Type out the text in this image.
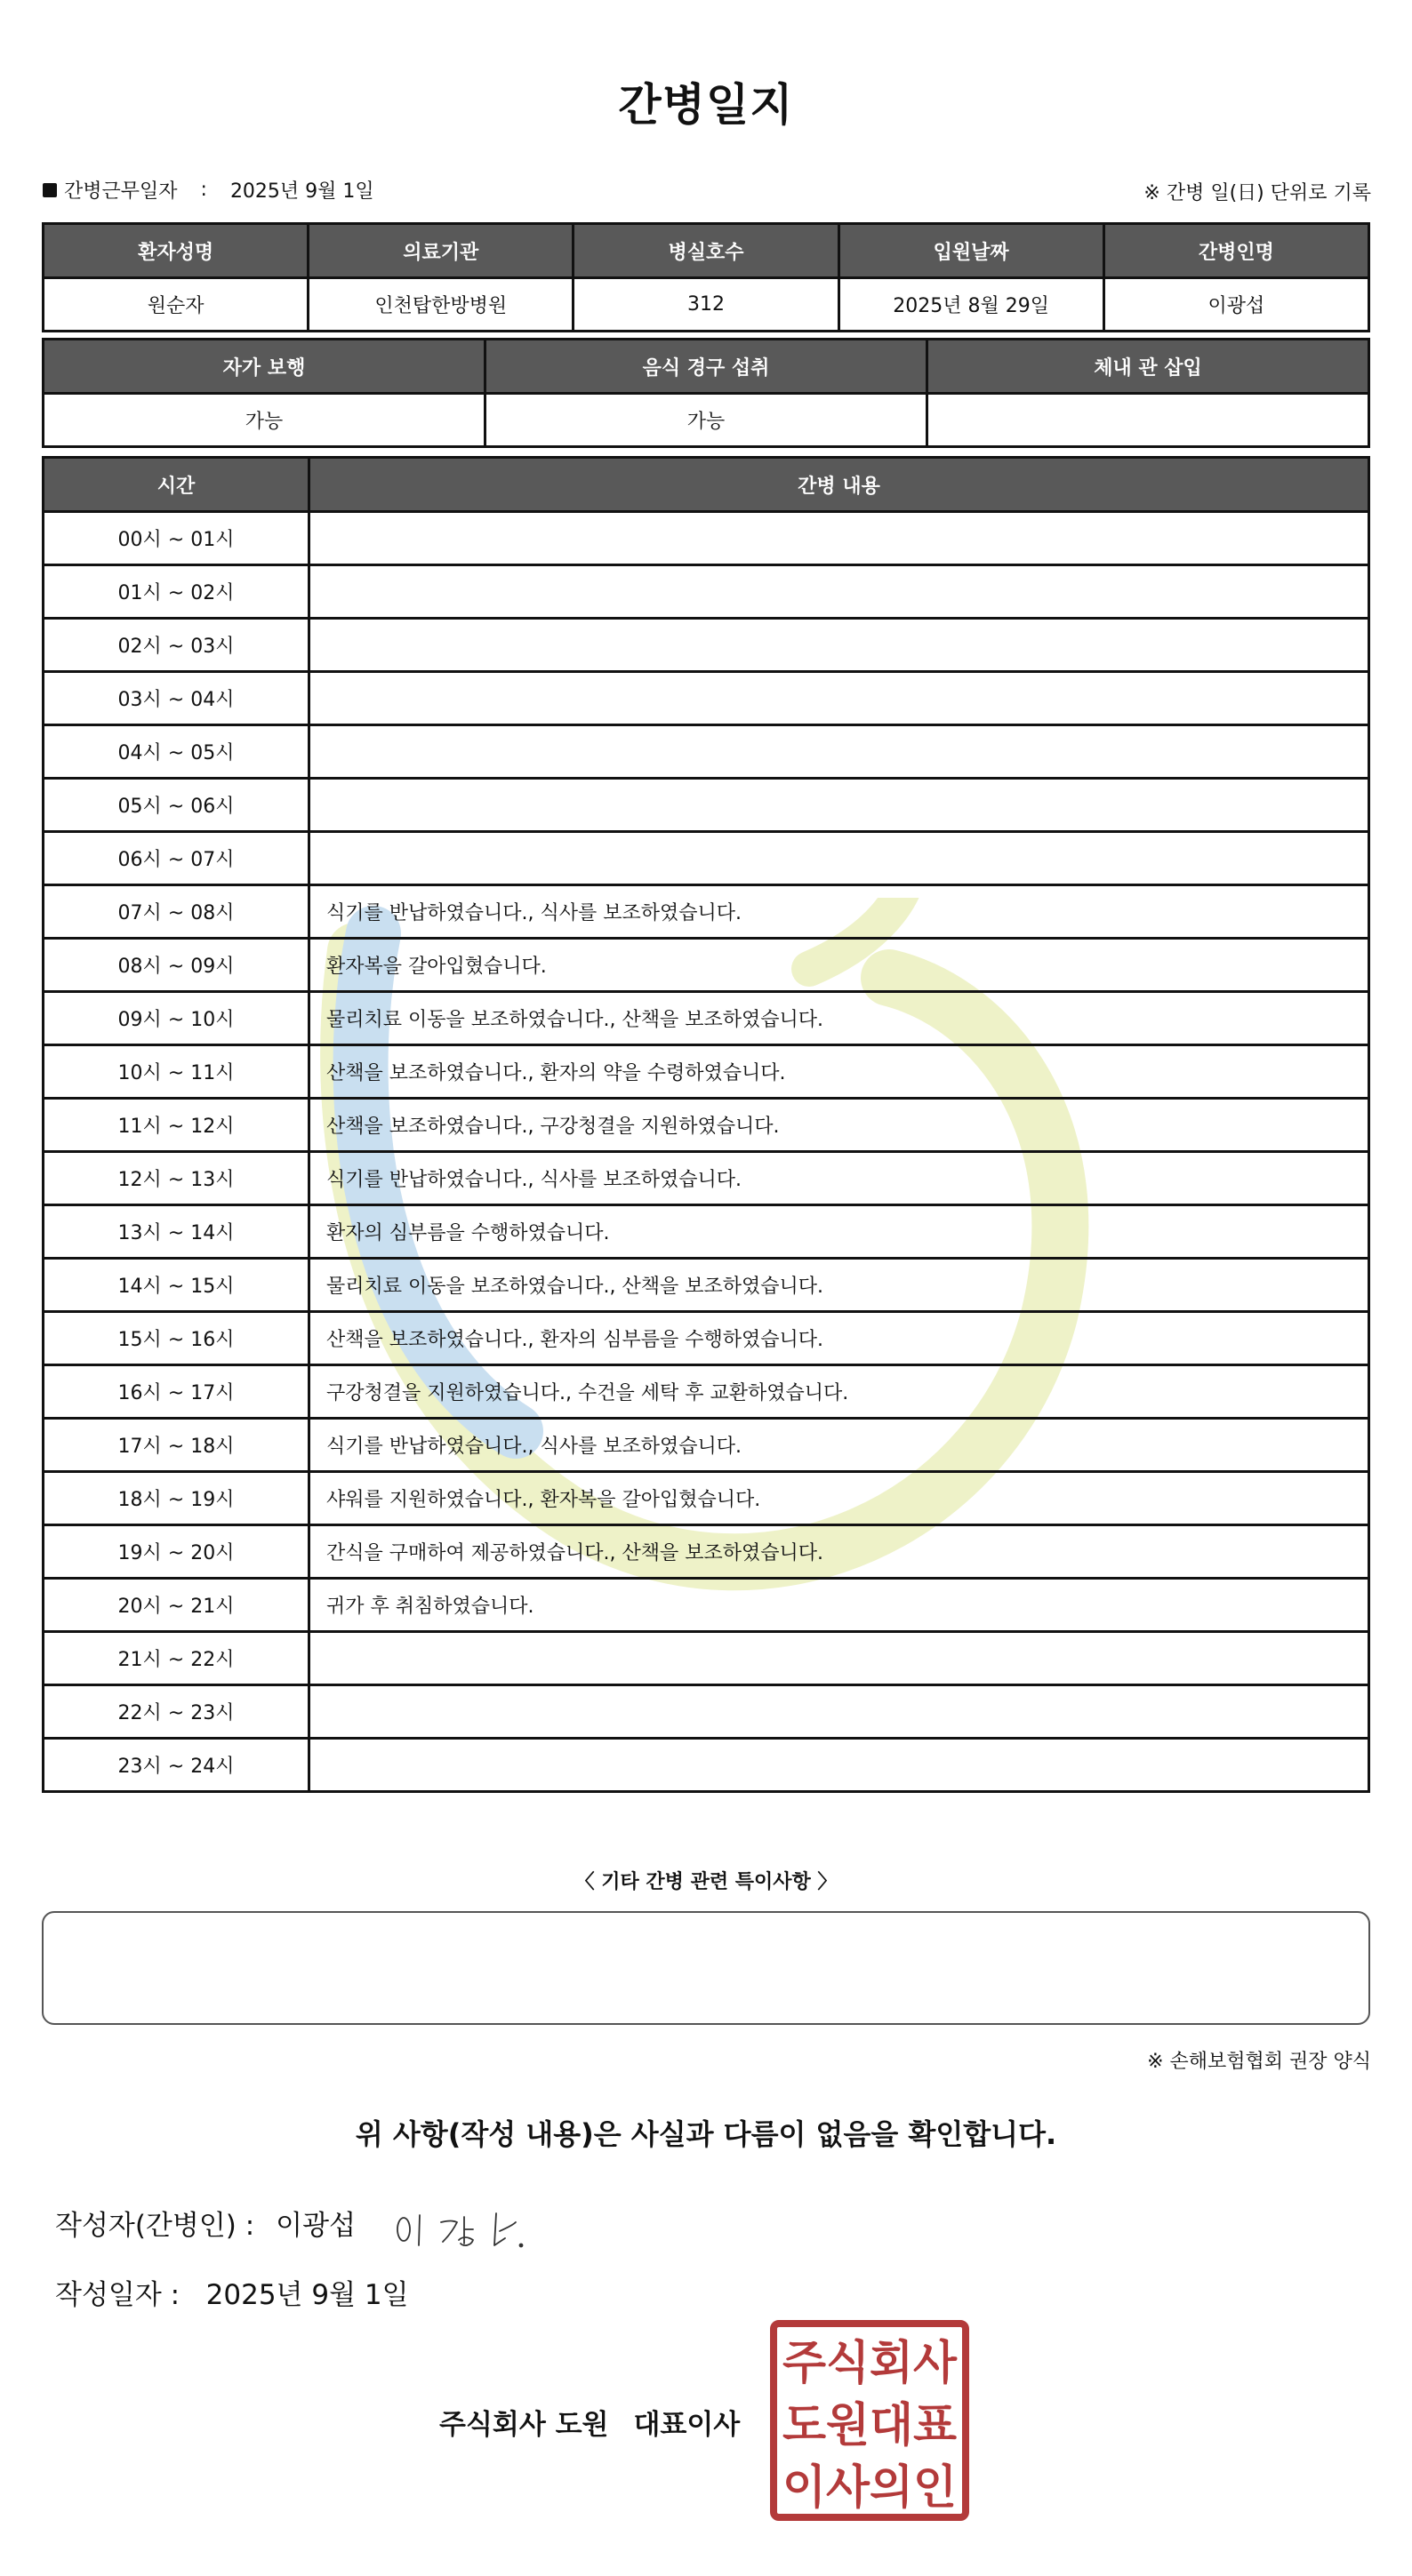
간병일지
간병근무일자 : 2025년 9월 1일	※ 간병 일(日) 단위로 기록
환자성명	의료기관	병실호수	입원날짜	간병인명
원순자	인천탑한방병원	312	2025년 8월 29일	이광섭
자가 보행	음식 경구 섭취	체내 관 삽입
가능	가능	
시간	간병 내용
00시 ~ 01시	
01시 ~ 02시	
02시 ~ 03시	
03시 ~ 04시	
04시 ~ 05시	
05시 ~ 06시	
06시 ~ 07시	
07시 ~ 08시	식기를 반납하였습니다., 식사를 보조하였습니다.
08시 ~ 09시	환자복을 갈아입혔습니다.
09시 ~ 10시	물리치료 이동을 보조하였습니다., 산책을 보조하였습니다.
10시 ~ 11시	산책을 보조하였습니다., 환자의 약을 수령하였습니다.
11시 ~ 12시	산책을 보조하였습니다., 구강청결을 지원하였습니다.
12시 ~ 13시	식기를 반납하였습니다., 식사를 보조하였습니다.
13시 ~ 14시	환자의 심부름을 수행하였습니다.
14시 ~ 15시	물리치료 이동을 보조하였습니다., 산책을 보조하였습니다.
15시 ~ 16시	산책을 보조하였습니다., 환자의 심부름을 수행하였습니다.
16시 ~ 17시	구강청결을 지원하였습니다., 수건을 세탁 후 교환하였습니다.
17시 ~ 18시	식기를 반납하였습니다., 식사를 보조하였습니다.
18시 ~ 19시	샤워를 지원하였습니다., 환자복을 갈아입혔습니다.
19시 ~ 20시	간식을 구매하여 제공하였습니다., 산책을 보조하였습니다.
20시 ~ 21시	귀가 후 취침하였습니다.
21시 ~ 22시	
22시 ~ 23시	
23시 ~ 24시	
〈 기타 간병 관련 특이사항 〉
※ 손해보험협회 권장 양식
위 사항(작성 내용)은 사실과 다름이 없음을 확인합니다.
작성자(간병인) : 이광섭
작성일자 : 2025년 9월 1일
주식회사 도원 대표이사
주식회사
도원대표
이사의인
